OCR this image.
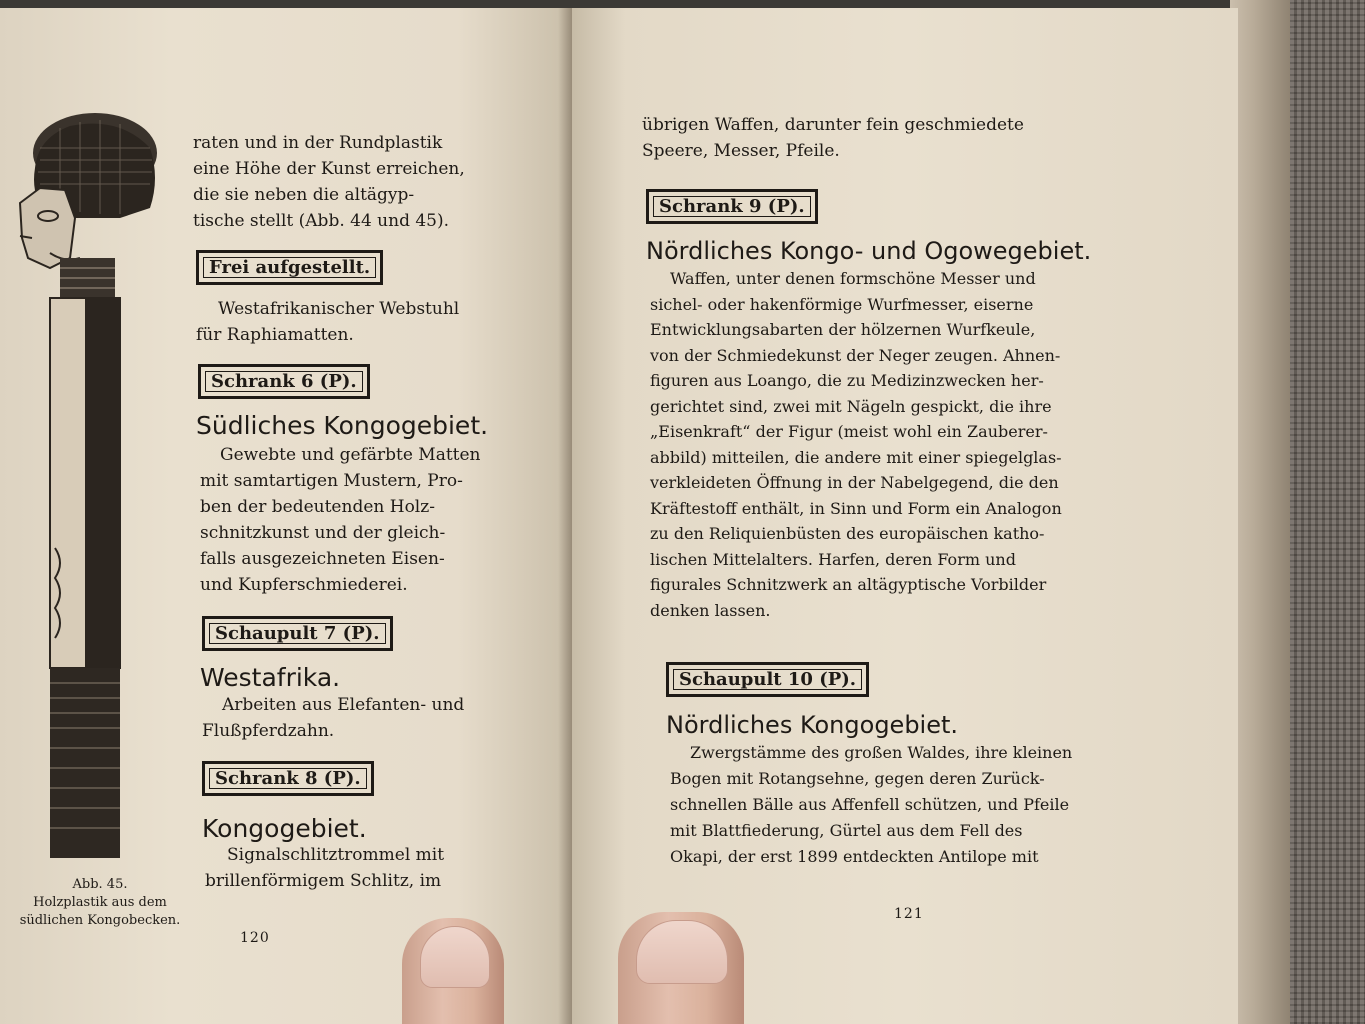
Abb. 45.
Holzplastik aus dem
südlichen Kongobecken.
raten und in der Rundplastik
eine Höhe der Kunst erreichen,
die sie neben die altägyp-
tische stellt (Abb. 44 und 45).
Frei aufgestellt.
Westafrikanischer Webstuhl
für Raphiamatten.
Schrank 6 (P).
Südliches Kongogebiet.
Gewebte und gefärbte Matten
mit samtartigen Mustern, Pro-
ben der bedeutenden Holz-
schnitzkunst und der gleich-
falls ausgezeichneten Eisen-
und Kupferschmiederei.
Schaupult 7 (P).
Westafrika.
Arbeiten aus Elefanten- und
Flußpferdzahn.
Schrank 8 (P).
Kongogebiet.
Signalschlitztrommel mit
brillenförmigem Schlitz, im
120
übrigen Waffen, darunter fein geschmiedete
Speere, Messer, Pfeile.
Schrank 9 (P).
Nördliches Kongo- und Ogowegebiet.
Waffen, unter denen formschöne Messer und
sichel- oder hakenförmige Wurfmesser, eiserne
Entwicklungsabarten der hölzernen Wurfkeule,
von der Schmiedekunst der Neger zeugen. Ahnen-
figuren aus Loango, die zu Medizinzwecken her-
gerichtet sind, zwei mit Nägeln gespickt, die ihre
„Eisenkraft“ der Figur (meist wohl ein Zauberer-
abbild) mitteilen, die andere mit einer spiegelglas-
verkleideten Öffnung in der Nabelgegend, die den
Kräftestoff enthält, in Sinn und Form ein Analogon
zu den Reliquienbüsten des europäischen katho-
lischen Mittelalters. Harfen, deren Form und
figurales Schnitzwerk an altägyptische Vorbilder
denken lassen.
Schaupult 10 (P).
Nördliches Kongogebiet.
Zwergstämme des großen Waldes, ihre kleinen
Bogen mit Rotangsehne, gegen deren Zurück-
schnellen Bälle aus Affenfell schützen, und Pfeile
mit Blattfiederung, Gürtel aus dem Fell des
Okapi, der erst 1899 entdeckten Antilope mit
121
